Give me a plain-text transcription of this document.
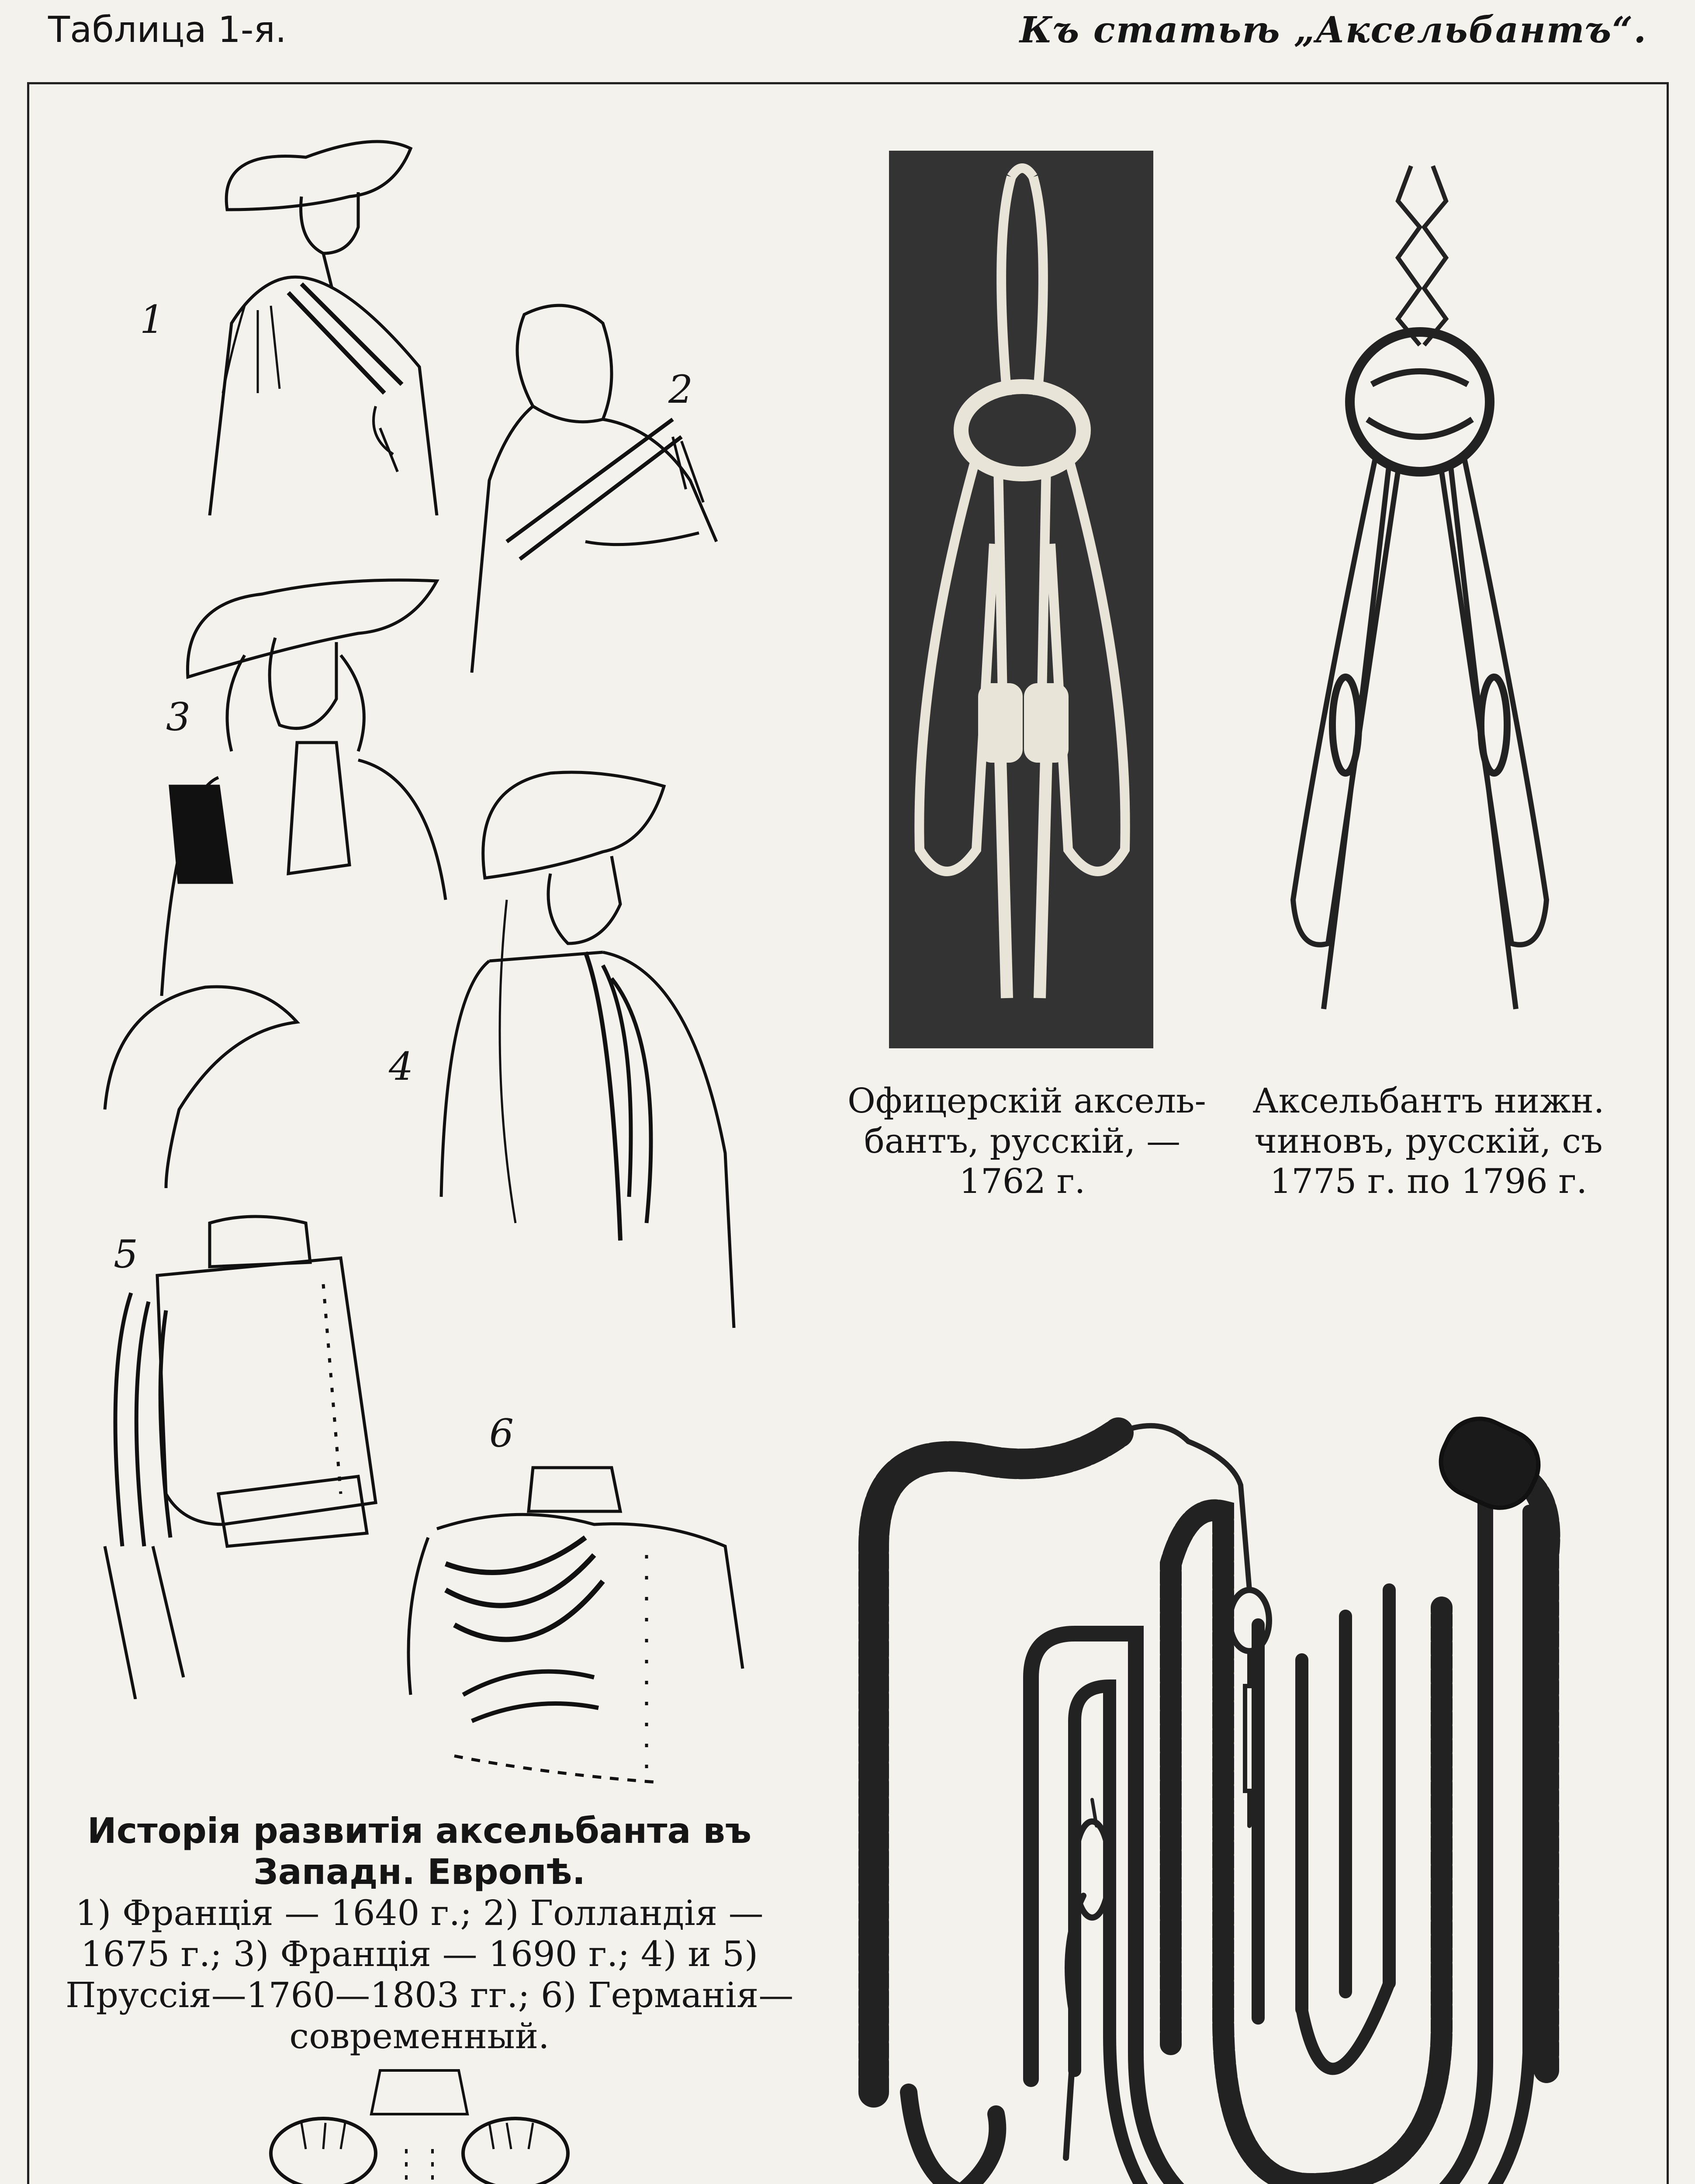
Таблица 1-я.	Къ статьѣ „Аксельбантъ“.
1
2
3
4
5
6
Исторія развитія аксельбанта въ
Западн. Европѣ.
1) Франція — 1640 г.; 2) Голландія —
1675 г.; 3) Франція — 1690 г.; 4) и 5)
Пруссія—1760—1803 гг.; 6) Германія—
современный.
Офицерскій аксель-
бантъ, русскій, —
1762 г.
Аксельбантъ нижн.
чиновъ, русскій, съ
1775 г. по 1796 г.
